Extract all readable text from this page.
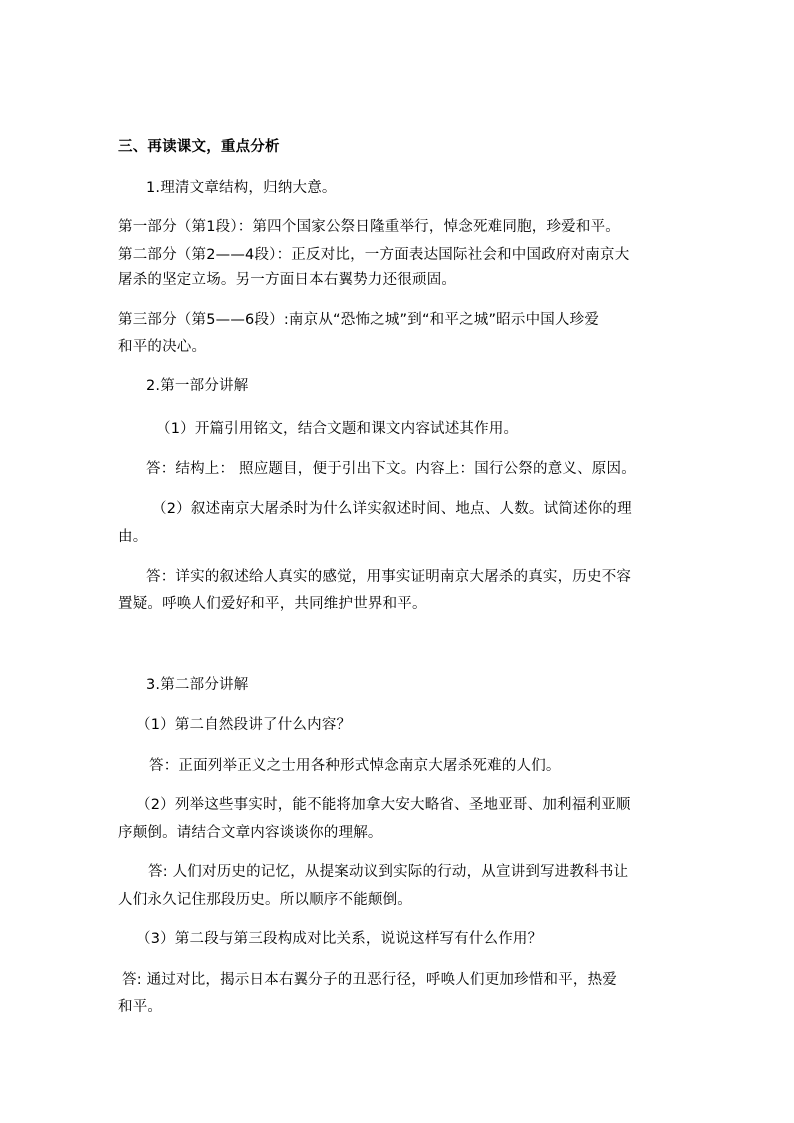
三、再读课文，重点分析
1.理清文章结构，归纳大意。
第一部分（第1段）：第四个国家公祭日隆重举行，悼念死难同胞，珍爱和平。
第二部分（第2——4段）：正反对比，一方面表达国际社会和中国政府对南京大
屠杀的坚定立场。另一方面日本右翼势力还很顽固。
第三部分（第5——6段）:南京从“恐怖之城”到“和平之城”昭示中国人珍爱
和平的决心。
2.第一部分讲解
（1）开篇引用铭文，结合文题和课文内容试述其作用。
答：结构上： 照应题目，便于引出下文。内容上：国行公祭的意义、原因。
（2）叙述南京大屠杀时为什么详实叙述时间、地点、人数。试简述你的理
由。
答：详实的叙述给人真实的感觉，用事实证明南京大屠杀的真实，历史不容
置疑。呼唤人们爱好和平，共同维护世界和平。
3.第二部分讲解
（1）第二自然段讲了什么内容？
答：正面列举正义之士用各种形式悼念南京大屠杀死难的人们。
（2）列举这些事实时，能不能将加拿大安大略省、圣地亚哥、加利福利亚顺
序颠倒。请结合文章内容谈谈你的理解。
答: 人们对历史的记忆，从提案动议到实际的行动，从宣讲到写进教科书让
人们永久记住那段历史。所以顺序不能颠倒。
（3）第二段与第三段构成对比关系，说说这样写有什么作用？
答: 通过对比，揭示日本右翼分子的丑恶行径，呼唤人们更加珍惜和平，热爱
和平。
